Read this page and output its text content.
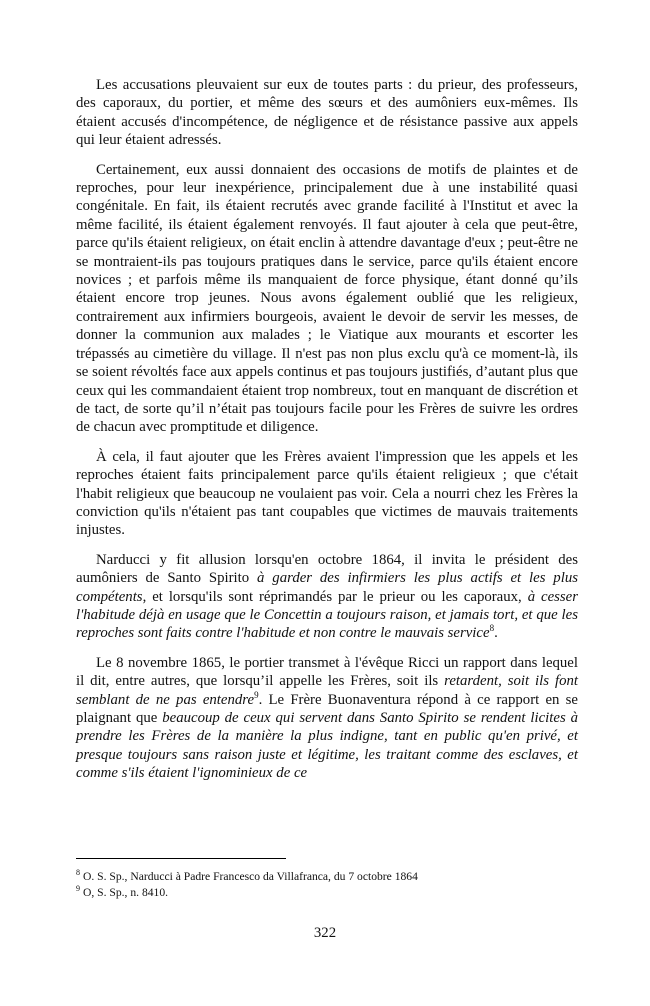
Les accusations pleuvaient sur eux de toutes parts : du prieur, des professeurs, des caporaux, du portier, et même des sœurs et des aumôniers eux-mêmes. Ils étaient accusés d'incompétence, de négligence et de résistance passive aux appels qui leur étaient adressés.

Certainement, eux aussi donnaient des occasions de motifs de plaintes et de reproches, pour leur inexpérience, principalement due à une instabilité quasi congénitale. En fait, ils étaient recrutés avec grande facilité à l'Institut et avec la même facilité, ils étaient également renvoyés. Il faut ajouter à cela que peut-être, parce qu'ils étaient religieux, on était enclin à attendre davantage d'eux ; peut-être ne se montraient-ils pas toujours pratiques dans le service, parce qu'ils étaient encore novices ; et parfois même ils manquaient de force physique, étant donné qu’ils étaient encore trop jeunes. Nous avons également oublié que les religieux, contrairement aux infirmiers bourgeois, avaient le devoir de servir les messes, de donner la communion aux malades ; le Viatique aux mourants et escorter les trépassés au cimetière du village. Il n'est pas non plus exclu qu'à ce moment-là, ils se soient révoltés face aux appels continus et pas toujours justifiés, d’autant plus que ceux qui les commandaient étaient trop nombreux, tout en manquant de discrétion et de tact, de sorte qu’il n’était pas toujours facile pour les Frères de suivre les ordres de chacun avec promptitude et diligence.

À cela, il faut ajouter que les Frères avaient l'impression que les appels et les reproches étaient faits principalement parce qu'ils étaient religieux ; que c'était l'habit religieux que beaucoup ne voulaient pas voir. Cela a nourri chez les Frères la conviction qu'ils n'étaient pas tant coupables que victimes de mauvais traitements injustes.

Narducci y fit allusion lorsqu'en octobre 1864, il invita le président des aumôniers de Santo Spirito à garder des infirmiers les plus actifs et les plus compétents, et lorsqu'ils sont réprimandés par le prieur ou les caporaux, à cesser l'habitude déjà en usage que le Concettin a toujours raison, et jamais tort, et que les reproches sont faits contre l'habitude et non contre le mauvais service$^8$.

Le 8 novembre 1865, le portier transmet à l'évêque Ricci un rapport dans lequel il dit, entre autres, que lorsqu’il appelle les Frères, soit ils retardent, soit ils font semblant de ne pas entendre$^9$. Le Frère Buonaventura répond à ce rapport en se plaignant que beaucoup de ceux qui servent dans Santo Spirito se rendent licites à prendre les Frères de la manière la plus indigne, tant en public qu'en privé, et presque toujours sans raison juste et légitime, les traitant comme des esclaves, et comme s'ils étaient l'ignominieux de ce

$^8$ O. S. Sp., Narducci à Padre Francesco da Villafranca, du 7 octobre 1864

$^9$ O, S. Sp., n. 8410.

322
